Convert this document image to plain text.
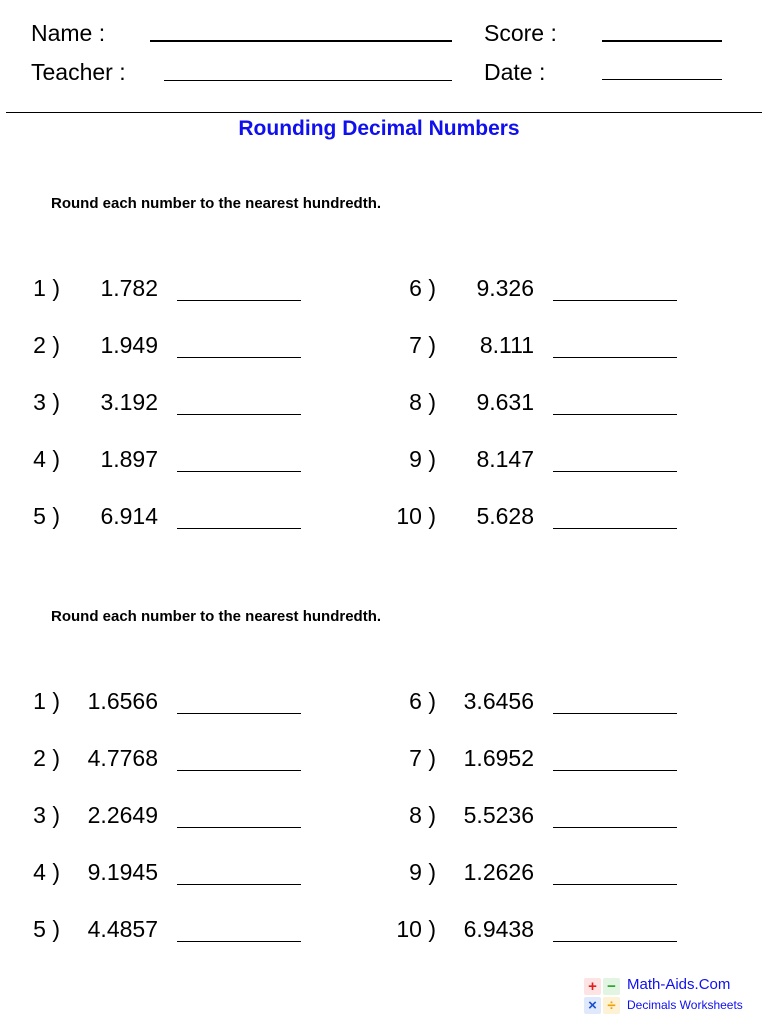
Name :
Teacher :
Score :
Date :
Rounding Decimal Numbers
Round each number to the nearest hundredth.
1 )	1.782
2 )	1.949
3 )	3.192
4 )	1.897
5 )	6.914
6 )	9.326
7 )	8.111
8 )	9.631
9 )	8.147
10 )	5.628
Round each number to the nearest hundredth.
1 )	1.6566
2 )	4.7768
3 )	2.2649
4 )	9.1945
5 )	4.4857
6 )	3.6456
7 )	1.6952
8 )	5.5236
9 )	1.2626
10 )	6.9438
+ −
× ÷
Math-Aids.Com
Decimals Worksheets
